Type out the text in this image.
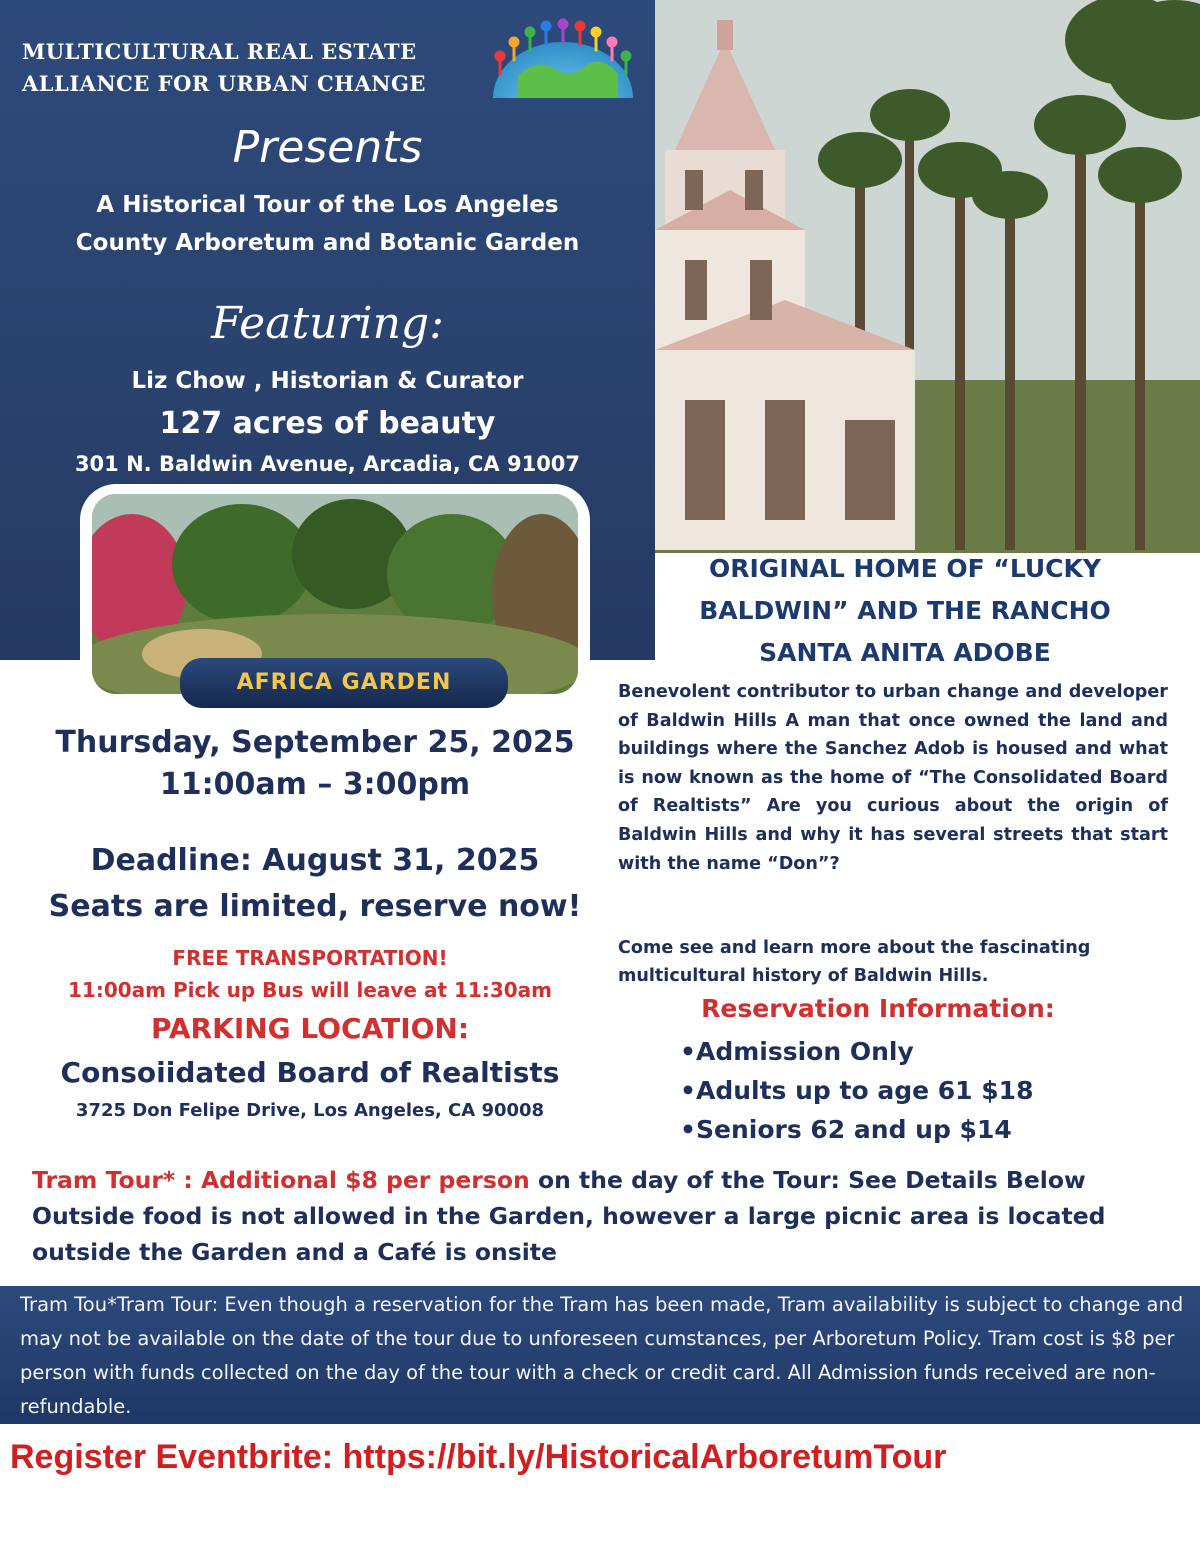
MULTICULTURAL REAL ESTATE
ALLIANCE FOR URBAN CHANGE
Presents
A Historical Tour of the Los Angeles
County Arboretum and Botanic Garden
Featuring:
Liz Chow , Historian & Curator
127 acres of beauty
301 N. Baldwin Avenue, Arcadia, CA 91007
AFRICA GARDEN
Thursday, September 25, 2025
11:00am – 3:00pm
Deadline: August 31, 2025
Seats are limited, reserve now!
FREE TRANSPORTATION!
11:00am Pick up Bus will leave at 11:30am
PARKING LOCATION:
Consoiidated Board of Realtists
3725 Don Felipe Drive, Los Angeles, CA 90008
ORIGINAL HOME OF “LUCKY
BALDWIN” AND THE RANCHO
SANTA ANITA ADOBE
Benevolent contributor to urban change and developer of Baldwin Hills A man that once owned the land and buildings where the Sanchez Adob is housed and what is now known as the home of “The Consolidated Board of Realtists” Are you curious about the origin of Baldwin Hills and why it has several streets that start with the name “Don”?
Come see and learn more about the fascinating multicultural history of Baldwin Hills.
Reservation Information:
• Admission Only
• Adults up to age 61 $18
• Seniors 62 and up $14
Tram Tour* : Additional $8 per person on the day of the Tour: See Details Below
Outside food is not allowed in the Garden, however a large picnic area is located outside the Garden and a Café is onsite
Tram Tou*Tram Tour: Even though a reservation for the Tram has been made, Tram availability is subject to change and may not be available on the date of the tour due to unforeseen cumstances, per Arboretum Policy. Tram cost is $8 per person with funds collected on the day of the tour with a check or credit card. All Admission funds received are non-refundable.
Register Eventbrite: https://bit.ly/HistoricalArboretumTour
